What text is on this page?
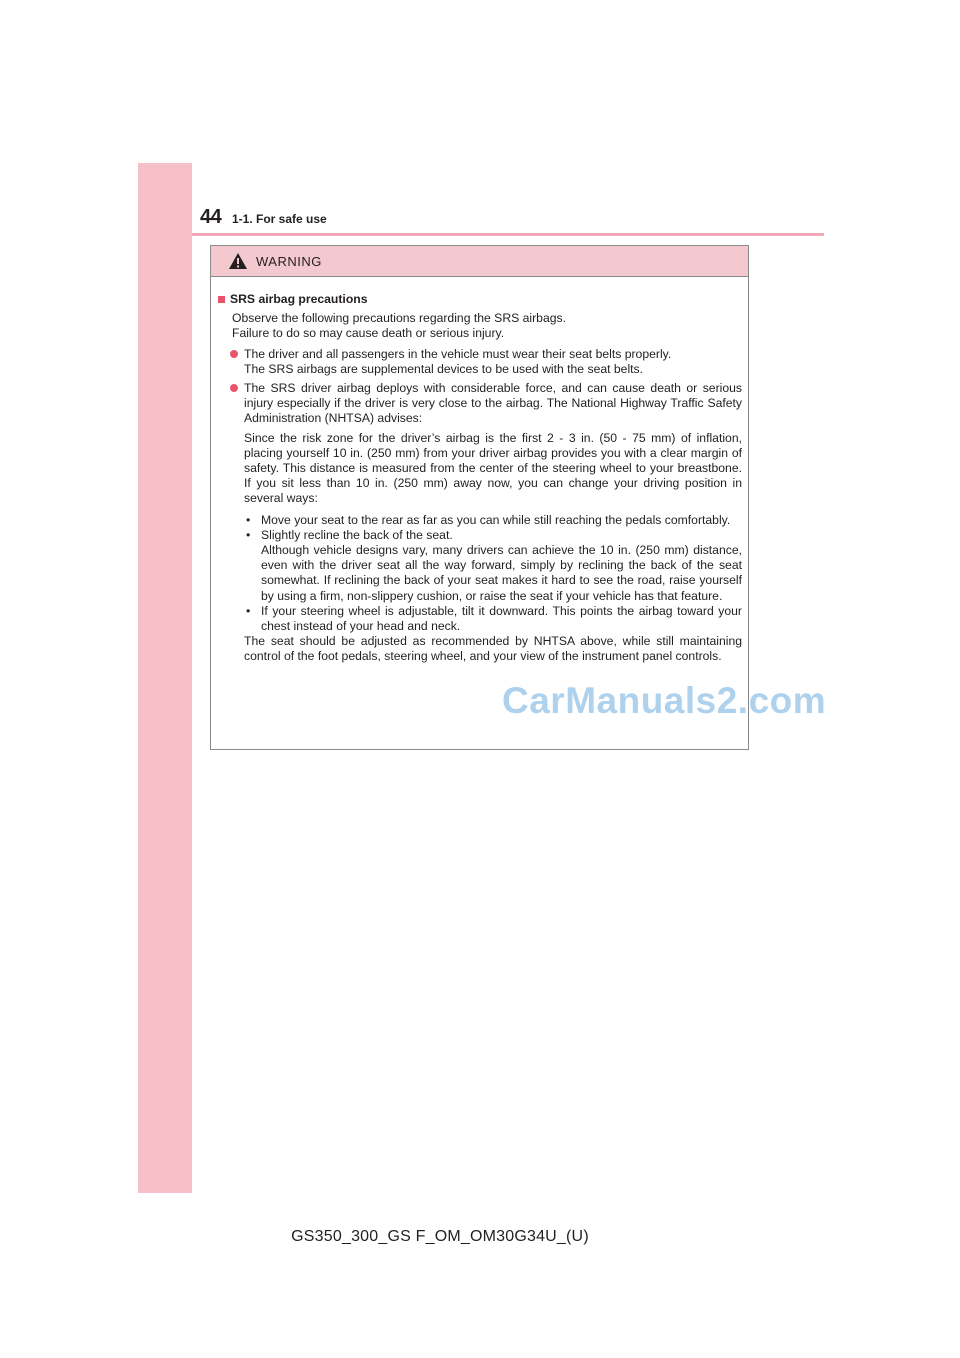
44 1-1. For safe use
WARNING
SRS airbag precautions
Observe the following precautions regarding the SRS airbags.
Failure to do so may cause death or serious injury.

The driver and all passengers in the vehicle must wear their seat belts properly.

The SRS airbags are supplemental devices to be used with the seat belts.

The SRS driver airbag deploys with considerable force, and can cause death or serious injury especially if the driver is very close to the airbag. The National Highway Traffic Safety Administration (NHTSA) advises:

Since the risk zone for the driver’s airbag is the first 2 - 3 in. (50 - 75 mm) of inflation, placing yourself 10 in. (250 mm) from your driver airbag provides you with a clear margin of safety. This distance is measured from the center of the steering wheel to your breastbone. If you sit less than 10 in. (250 mm) away now, you can change your driving position in several ways:

• Move your seat to the rear as far as you can while still reaching the pedals comfortably.

• Slightly recline the back of the seat.

Although vehicle designs vary, many drivers can achieve the 10 in. (250 mm) distance, even with the driver seat all the way forward, simply by reclining the back of the seat somewhat. If reclining the back of your seat makes it hard to see the road, raise yourself by using a firm, non-slippery cushion, or raise the seat if your vehicle has that feature.

• If your steering wheel is adjustable, tilt it downward. This points the airbag toward your chest instead of your head and neck.

The seat should be adjusted as recommended by NHTSA above, while still maintaining control of the foot pedals, steering wheel, and your view of the instrument panel controls.

CarManuals2.com
GS350_300_GS F_OM_OM30G34U_(U)
